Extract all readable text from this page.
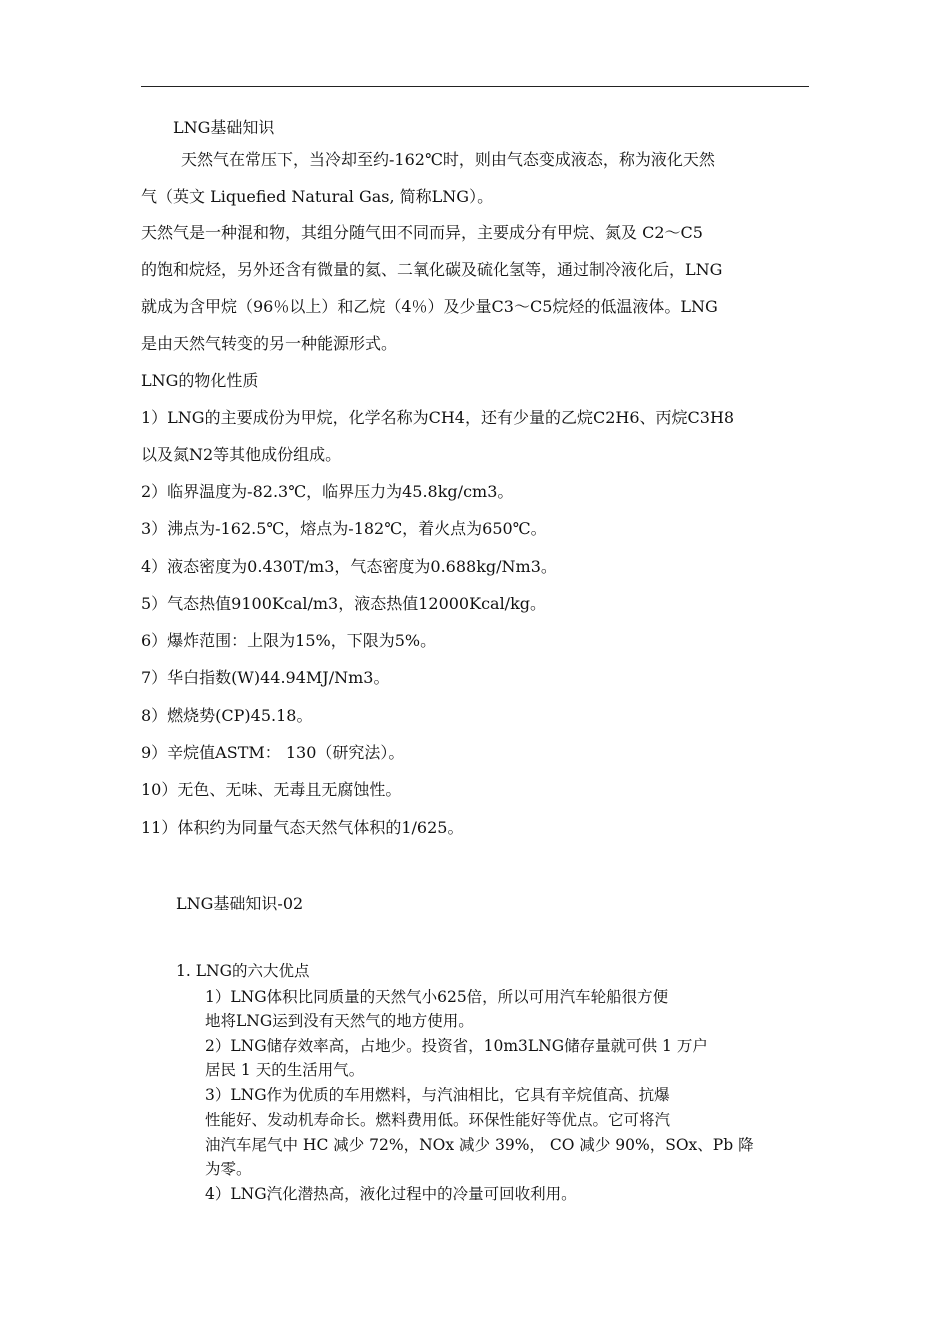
LNG基础知识
天然气在常压下，当冷却至约-162℃时，则由气态变成液态，称为液化天然
气（英文 Liquefied Natural Gas, 简称LNG）。
天然气是一种混和物，其组分随气田不同而异，主要成分有甲烷、氮及 C2～C5
的饱和烷烃，另外还含有微量的氦、二氧化碳及硫化氢等，通过制冷液化后，LNG
就成为含甲烷（96％以上）和乙烷（4％）及少量C3～C5烷烃的低温液体。LNG
是由天然气转变的另一种能源形式。
LNG的物化性质
1）LNG的主要成份为甲烷，化学名称为CH4，还有少量的乙烷C2H6、丙烷C3H8
以及氮N2等其他成份组成。
2）临界温度为-82.3℃，临界压力为45.8kg/cm3。
3）沸点为-162.5℃，熔点为-182℃，着火点为650℃。
4）液态密度为0.430T/m3，气态密度为0.688kg/Nm3。
5）气态热值9100Kcal/m3，液态热值12000Kcal/kg。
6）爆炸范围：上限为15%，下限为5%。
7）华白指数(W)44.94MJ/Nm3。
8）燃烧势(CP)45.18。
9）辛烷值ASTM： 130（研究法）。
10）无色、无味、无毒且无腐蚀性。
11）体积约为同量气态天然气体积的1/625。
LNG基础知识-02
1. LNG的六大优点
1）LNG体积比同质量的天然气小625倍，所以可用汽车轮船很方便
地将LNG运到没有天然气的地方使用。
2）LNG储存效率高，占地少。投资省，10m3LNG储存量就可供 1 万户
居民 1 天的生活用气。
3）LNG作为优质的车用燃料，与汽油相比，它具有辛烷值高、抗爆
性能好、发动机寿命长。燃料费用低。环保性能好等优点。它可将汽
油汽车尾气中 HC 减少 72%，NOx 减少 39%， CO 减少 90%，SOx、Pb 降
为零。
4）LNG汽化潜热高，液化过程中的冷量可回收利用。
